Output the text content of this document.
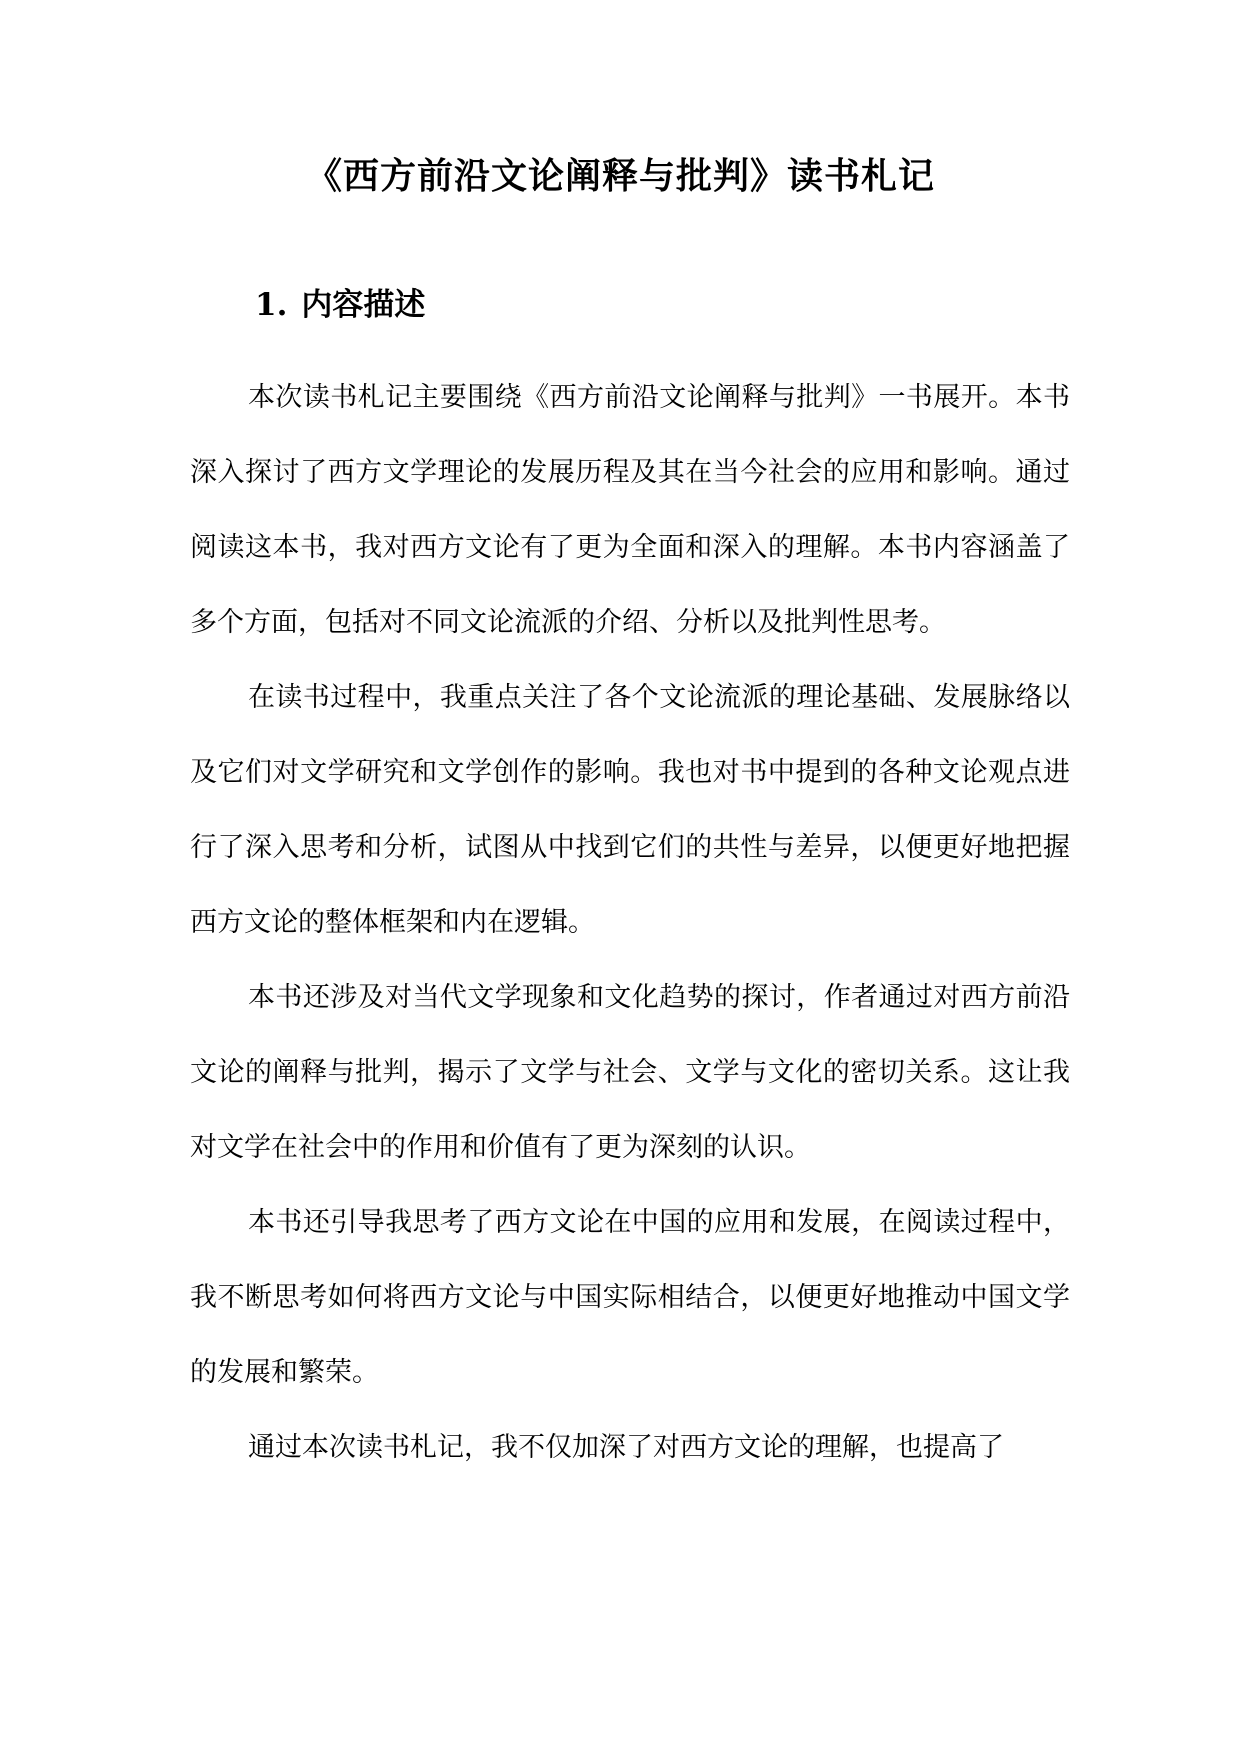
《西方前沿文论阐释与批判》读书札记
1. 内容描述

本次读书札记主要围绕《西方前沿文论阐释与批判》一书展开。本书深入探讨了西方文学理论的发展历程及其在当今社会的应用和影响。通过阅读这本书，我对西方文论有了更为全面和深入的理解。本书内容涵盖了多个方面，包括对不同文论流派的介绍、分析以及批判性思考。

在读书过程中，我重点关注了各个文论流派的理论基础、发展脉络以及它们对文学研究和文学创作的影响。我也对书中提到的各种文论观点进行了深入思考和分析，试图从中找到它们的共性与差异，以便更好地把握西方文论的整体框架和内在逻辑。

本书还涉及对当代文学现象和文化趋势的探讨，作者通过对西方前沿文论的阐释与批判，揭示了文学与社会、文学与文化的密切关系。这让我对文学在社会中的作用和价值有了更为深刻的认识。

本书还引导我思考了西方文论在中国的应用和发展，在阅读过程中，我不断思考如何将西方文论与中国实际相结合，以便更好地推动中国文学的发展和繁荣。

通过本次读书札记，我不仅加深了对西方文论的理解，也提高了
